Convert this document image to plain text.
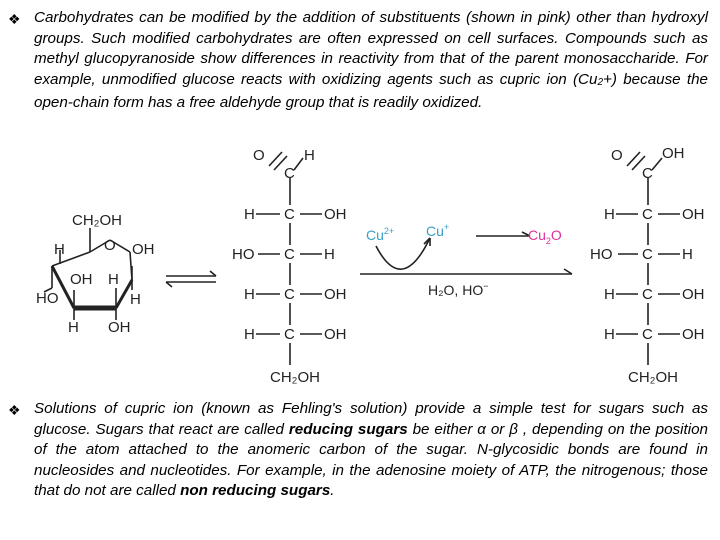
❖ Carbohydrates can be modified by the addition of substituents (shown in pink) other than hydroxyl groups. Such modified carbohydrates are often expressed on cell surfaces. Compounds such as methyl glucopyranoside show differences in reactivity from that of the parent monosaccharide. For example, unmodified glucose reacts with oxidizing agents such as cupric ion $(Cu_2+)$ because the open-chain form has a free aldehyde group that is readily oxidized.
CH₂OH
O
H	OH
OH H
HO	H
H OH
O	H
C
C
C
C
C
H	OH
HO	H
H	OH
H	OH
CH₂OH
$Cu^{2+}$ Cu+	$Cu_2O$
H₂O, HO−
O	OH
C
C
C
C
C
H	OH
HO	H
H	OH
H	OH
CH₂OH
❖ Solutions of cupric ion (known as Fehling's solution) provide a simple test for sugars such as glucose. Sugars that react are called reducing sugars be either α or β , depending on the position of the atom attached to the anomeric carbon of the sugar. N-glycosidic bonds are found in nucleosides and nucleotides. For example, in the adenosine moiety of ATP, the nitrogenous; those that do not are called non reducing sugars.
